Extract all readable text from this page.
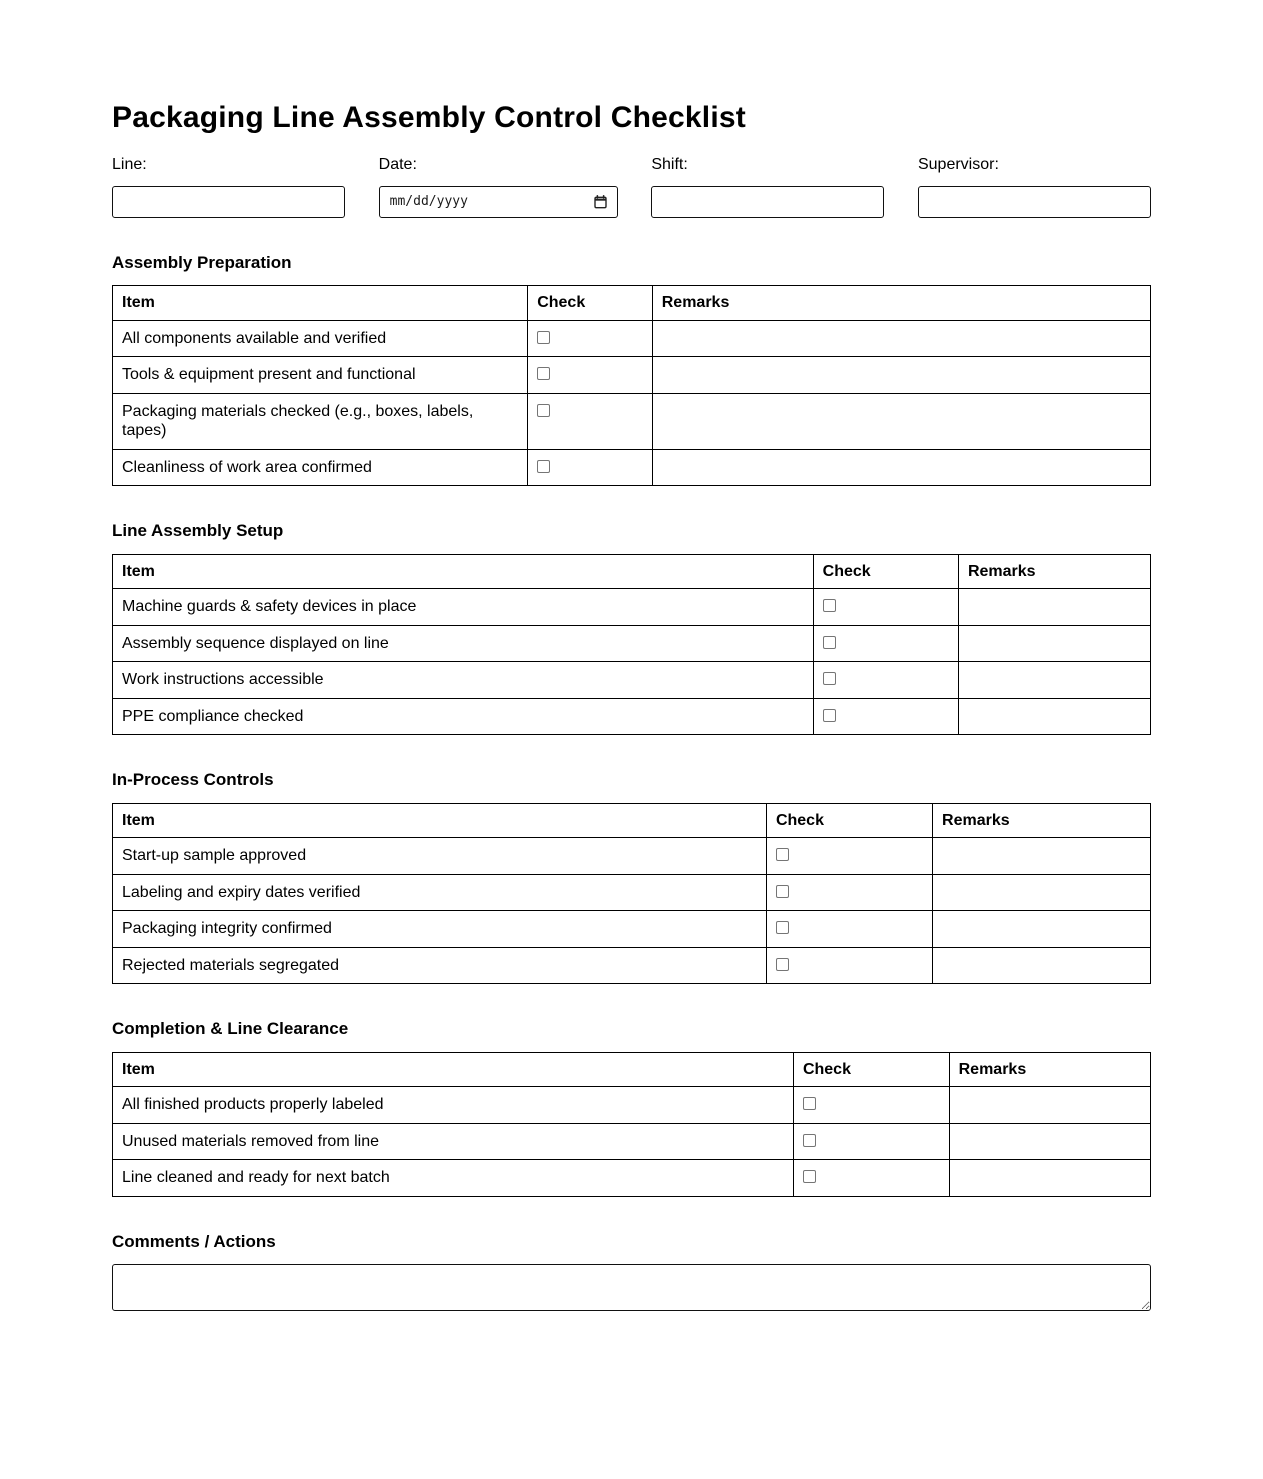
Packaging Line Assembly Control Checklist
Line:	Date:
mm/dd/yyyy
Shift:	Supervisor:
Assembly Preparation
Item	Check	Remarks
All components available and verified		
Tools & equipment present and functional		
Packaging materials checked (e.g., boxes, labels, tapes)		
Cleanliness of work area confirmed		
Line Assembly Setup
Item	Check	Remarks
Machine guards & safety devices in place		
Assembly sequence displayed on line		
Work instructions accessible		
PPE compliance checked		
In-Process Controls
Item	Check	Remarks
Start-up sample approved		
Labeling and expiry dates verified		
Packaging integrity confirmed		
Rejected materials segregated		
Completion & Line Clearance
Item	Check	Remarks
All finished products properly labeled		
Unused materials removed from line		
Line cleaned and ready for next batch		
Comments / Actions
